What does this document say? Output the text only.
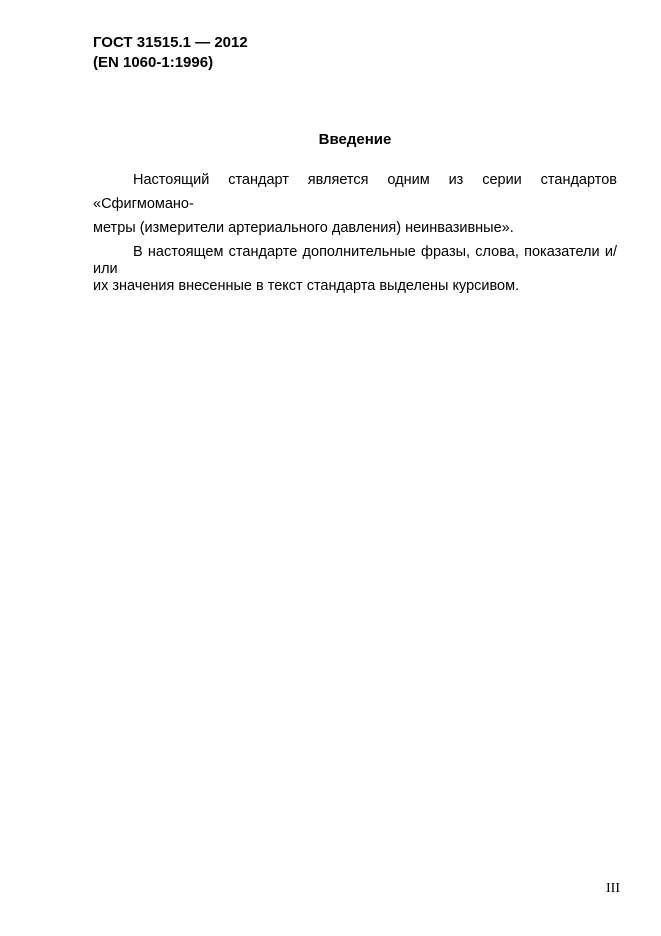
ГОСТ 31515.1 — 2012
(EN 1060-1:1996)
Введение

Настоящий стандарт является одним из серии стандартов «Сфигмомано-
метры (измерители артериального давления) неинвазивные».

В настоящем стандарте дополнительные фразы, слова, показатели и/или
их значения внесенные в текст стандарта выделены курсивом.

III
